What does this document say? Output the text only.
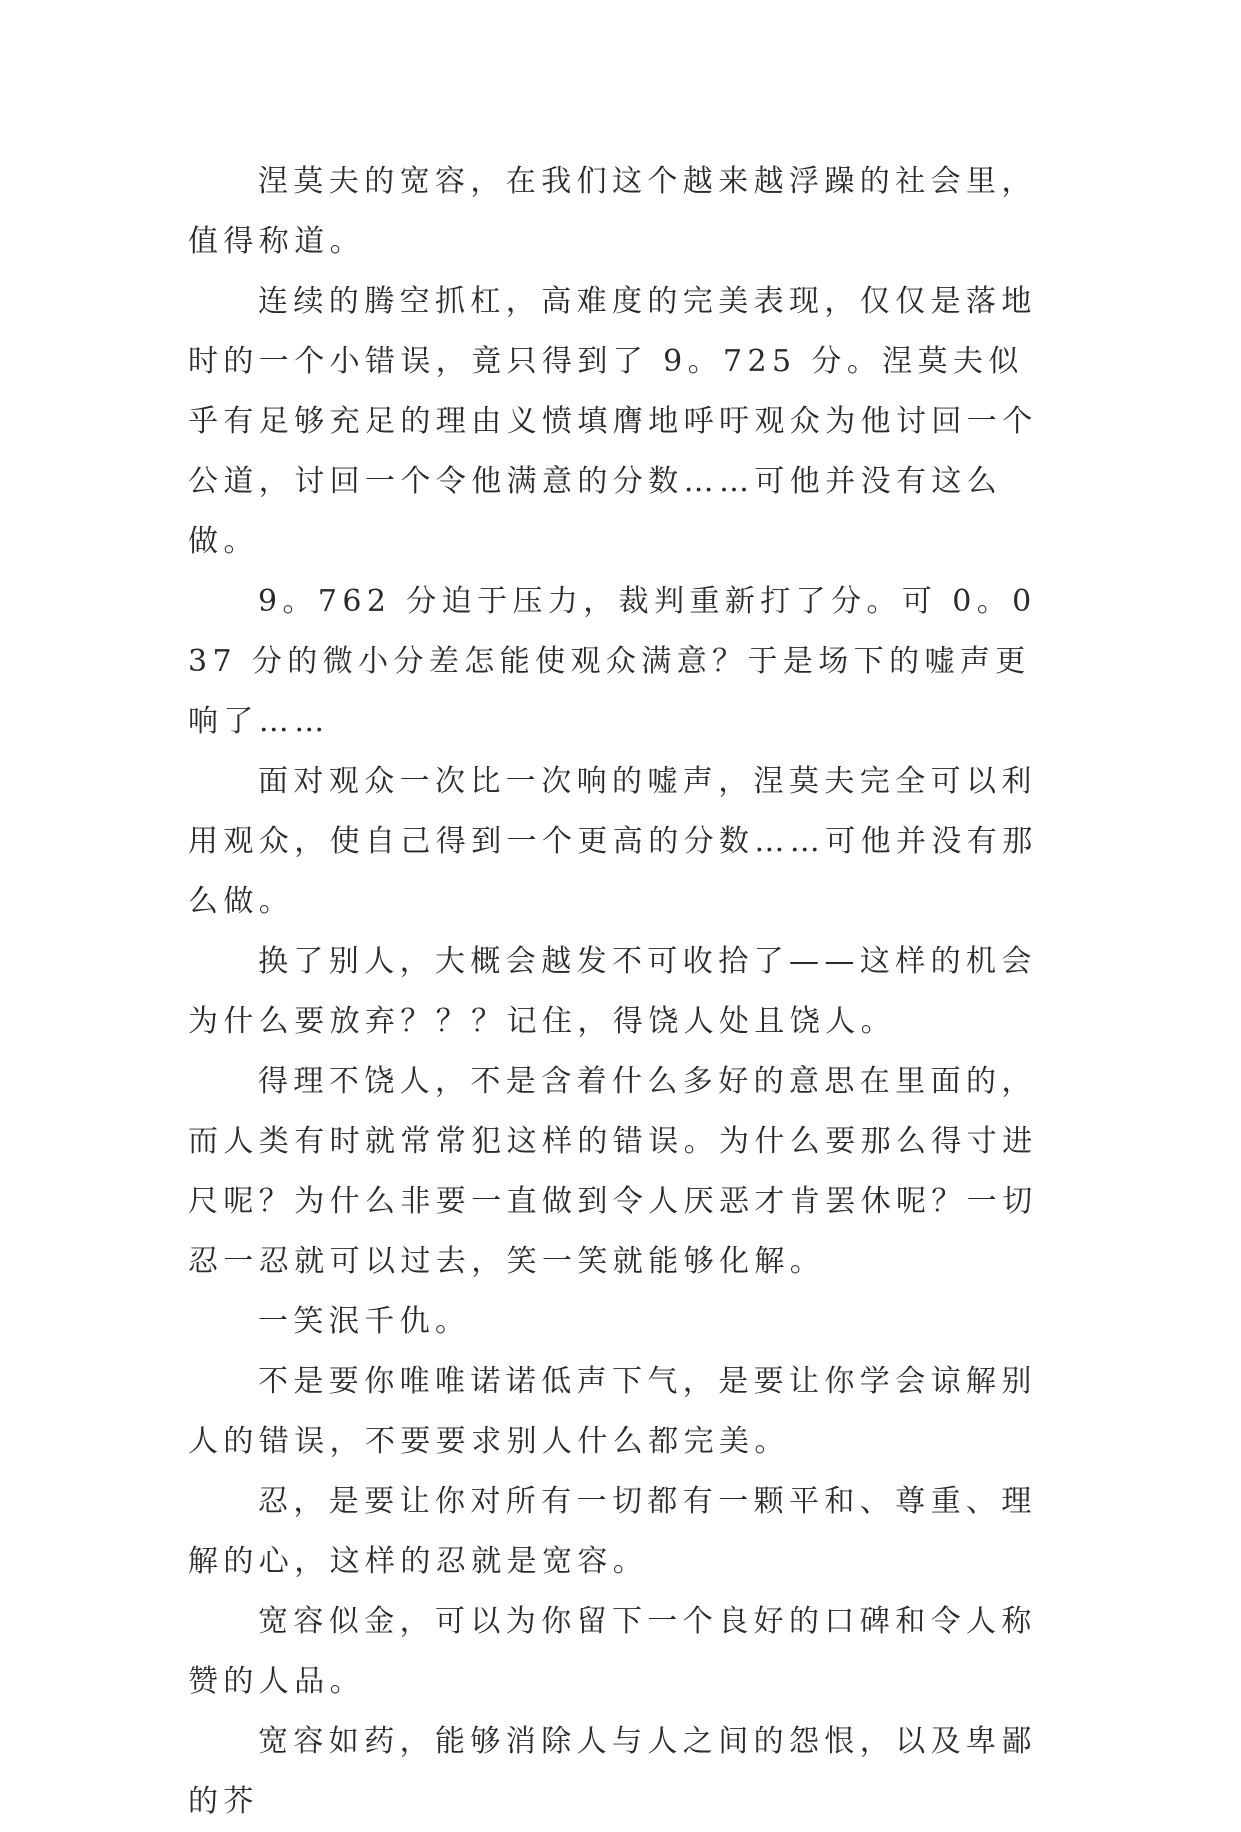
涅莫夫的宽容，在我们这个越来越浮躁的社会里，值得称道。

连续的腾空抓杠，高难度的完美表现，仅仅是落地时的一个小错误，竟只得到了 9。725 分。涅莫夫似乎有足够充足的理由义愤填膺地呼吁观众为他讨回一个公道，讨回一个令他满意的分数……可他并没有这么做。

9。762 分迫于压力，裁判重新打了分。可 0。037 分的微小分差怎能使观众满意？于是场下的嘘声更响了……

面对观众一次比一次响的嘘声，涅莫夫完全可以利用观众，使自己得到一个更高的分数……可他并没有那么做。

换了别人，大概会越发不可收拾了——这样的机会为什么要放弃？？？记住，得饶人处且饶人。

得理不饶人，不是含着什么多好的意思在里面的，而人类有时就常常犯这样的错误。为什么要那么得寸进尺呢？为什么非要一直做到令人厌恶才肯罢休呢？一切忍一忍就可以过去，笑一笑就能够化解。

一笑泯千仇。

不是要你唯唯诺诺低声下气，是要让你学会谅解别人的错误，不要要求别人什么都完美。

忍，是要让你对所有一切都有一颗平和、尊重、理解的心，这样的忍就是宽容。

宽容似金，可以为你留下一个良好的口碑和令人称赞的人品。

宽容如药，能够消除人与人之间的怨恨，以及卑鄙的芥
